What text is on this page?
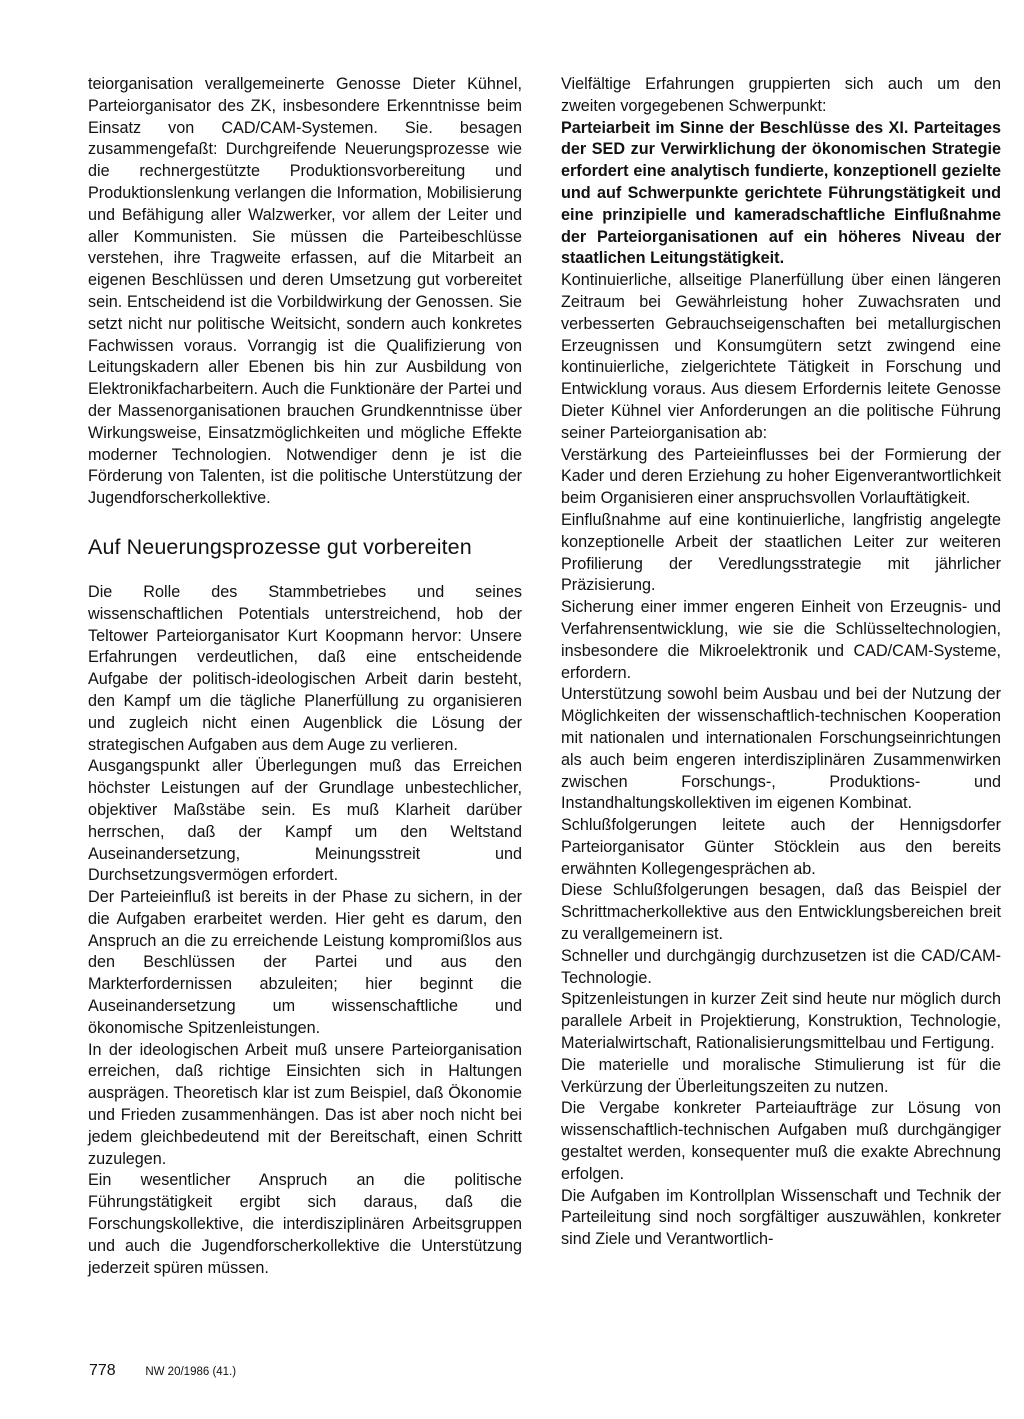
teiorganisation verallgemeinerte Genosse Dieter Kühnel, Parteiorganisator des ZK, insbesondere Erkenntnisse beim Einsatz von CAD/CAM-Systemen. Sie. besagen zusammengefaßt: Durchgreifende Neuerungsprozesse wie die rechnergestützte Produktionsvorbereitung und Produktionslenkung verlangen die Information, Mobilisierung und Befähigung aller Walzwerker, vor allem der Leiter und aller Kommunisten. Sie müssen die Parteibeschlüsse verstehen, ihre Tragweite erfassen, auf die Mitarbeit an eigenen Beschlüssen und deren Umsetzung gut vorbereitet sein. Entscheidend ist die Vorbildwirkung der Genossen. Sie setzt nicht nur politische Weitsicht, sondern auch konkretes Fachwissen voraus. Vorrangig ist die Qualifizierung von Leitungskadern aller Ebenen bis hin zur Ausbildung von Elektronikfacharbeitern. Auch die Funktionäre der Partei und der Massenorganisationen brauchen Grundkenntnisse über Wirkungsweise, Einsatzmöglichkeiten und mögliche Effekte moderner Technologien. Notwendiger denn je ist die Förderung von Talenten, ist die politische Unterstützung der Jugendforscherkollektive.

Auf Neuerungsprozesse gut vorbereiten

Die Rolle des Stammbetriebes und seines wissenschaftlichen Potentials unterstreichend, hob der Teltower Parteiorganisator Kurt Koopmann hervor: Unsere Erfahrungen verdeutlichen, daß eine entscheidende Aufgabe der politisch-ideologischen Arbeit darin besteht, den Kampf um die tägliche Planerfüllung zu organisieren und zugleich nicht einen Augenblick die Lösung der strategischen Aufgaben aus dem Auge zu verlieren.

Ausgangspunkt aller Überlegungen muß das Erreichen höchster Leistungen auf der Grundlage unbestechlicher, objektiver Maßstäbe sein. Es muß Klarheit darüber herrschen, daß der Kampf um den Weltstand Auseinandersetzung, Meinungsstreit und Durchsetzungsvermögen erfordert.

Der Parteieinfluß ist bereits in der Phase zu sichern, in der die Aufgaben erarbeitet werden. Hier geht es darum, den Anspruch an die zu erreichende Leistung kompromißlos aus den Beschlüssen der Partei und aus den Markterfordernissen abzuleiten; hier beginnt die Auseinandersetzung um wissenschaftliche und ökonomische Spitzenleistungen.

In der ideologischen Arbeit muß unsere Parteiorganisation erreichen, daß richtige Einsichten sich in Haltungen ausprägen. Theoretisch klar ist zum Beispiel, daß Ökonomie und Frieden zusammenhängen. Das ist aber noch nicht bei jedem gleichbedeutend mit der Bereitschaft, einen Schritt zuzulegen.

Ein wesentlicher Anspruch an die politische Führungstätigkeit ergibt sich daraus, daß die Forschungskollektive, die interdisziplinären Arbeitsgruppen und auch die Jugendforscherkollektive die Unterstützung jederzeit spüren müssen.

Vielfältige Erfahrungen gruppierten sich auch um den zweiten vorgegebenen Schwerpunkt:

Parteiarbeit im Sinne der Beschlüsse des XI. Parteitages der SED zur Verwirklichung der ökonomischen Strategie erfordert eine analytisch fundierte, konzeptionell gezielte und auf Schwerpunkte gerichtete Führungstätigkeit und eine prinzipielle und kameradschaftliche Einflußnahme der Parteiorganisationen auf ein höheres Niveau der staatlichen Leitungstätigkeit.

Kontinuierliche, allseitige Planerfüllung über einen längeren Zeitraum bei Gewährleistung hoher Zuwachsraten und verbesserten Gebrauchseigenschaften bei metallurgischen Erzeugnissen und Konsumgütern setzt zwingend eine kontinuierliche, zielgerichtete Tätigkeit in Forschung und Entwicklung voraus. Aus diesem Erfordernis leitete Genosse Dieter Kühnel vier Anforderungen an die politische Führung seiner Parteiorganisation ab:

Verstärkung des Parteieinflusses bei der Formierung der Kader und deren Erziehung zu hoher Eigenverantwortlichkeit beim Organisieren einer anspruchsvollen Vorlauftätigkeit.

Einflußnahme auf eine kontinuierliche, langfristig angelegte konzeptionelle Arbeit der staatlichen Leiter zur weiteren Profilierung der Veredlungsstrategie mit jährlicher Präzisierung.

Sicherung einer immer engeren Einheit von Erzeugnis- und Verfahrensentwicklung, wie sie die Schlüsseltechnologien, insbesondere die Mikroelektronik und CAD/CAM-Systeme, erfordern.

Unterstützung sowohl beim Ausbau und bei der Nutzung der Möglichkeiten der wissenschaftlich-technischen Kooperation mit nationalen und internationalen Forschungseinrichtungen als auch beim engeren interdisziplinären Zusammenwirken zwischen Forschungs-, Produktions- und Instandhaltungskollektiven im eigenen Kombinat.

Schlußfolgerungen leitete auch der Hennigsdorfer Parteiorganisator Günter Stöcklein aus den bereits erwähnten Kollegengesprächen ab.

Diese Schlußfolgerungen besagen, daß das Beispiel der Schrittmacherkollektive aus den Entwicklungsbereichen breit zu verallgemeinern ist.

Schneller und durchgängig durchzusetzen ist die CAD/CAM-Technologie.

Spitzenleistungen in kurzer Zeit sind heute nur möglich durch parallele Arbeit in Projektierung, Konstruktion, Technologie, Materialwirtschaft, Rationalisierungsmittelbau und Fertigung.

Die materielle und moralische Stimulierung ist für die Verkürzung der Überleitungszeiten zu nutzen.

Die Vergabe konkreter Parteiaufträge zur Lösung von wissenschaftlich-technischen Aufgaben muß durchgängiger gestaltet werden, konsequenter muß die exakte Abrechnung erfolgen.

Die Aufgaben im Kontrollplan Wissenschaft und Technik der Parteileitung sind noch sorgfältiger auszuwählen, konkreter sind Ziele und Verantwortlich-

778	NW 20/1986 (41.)
